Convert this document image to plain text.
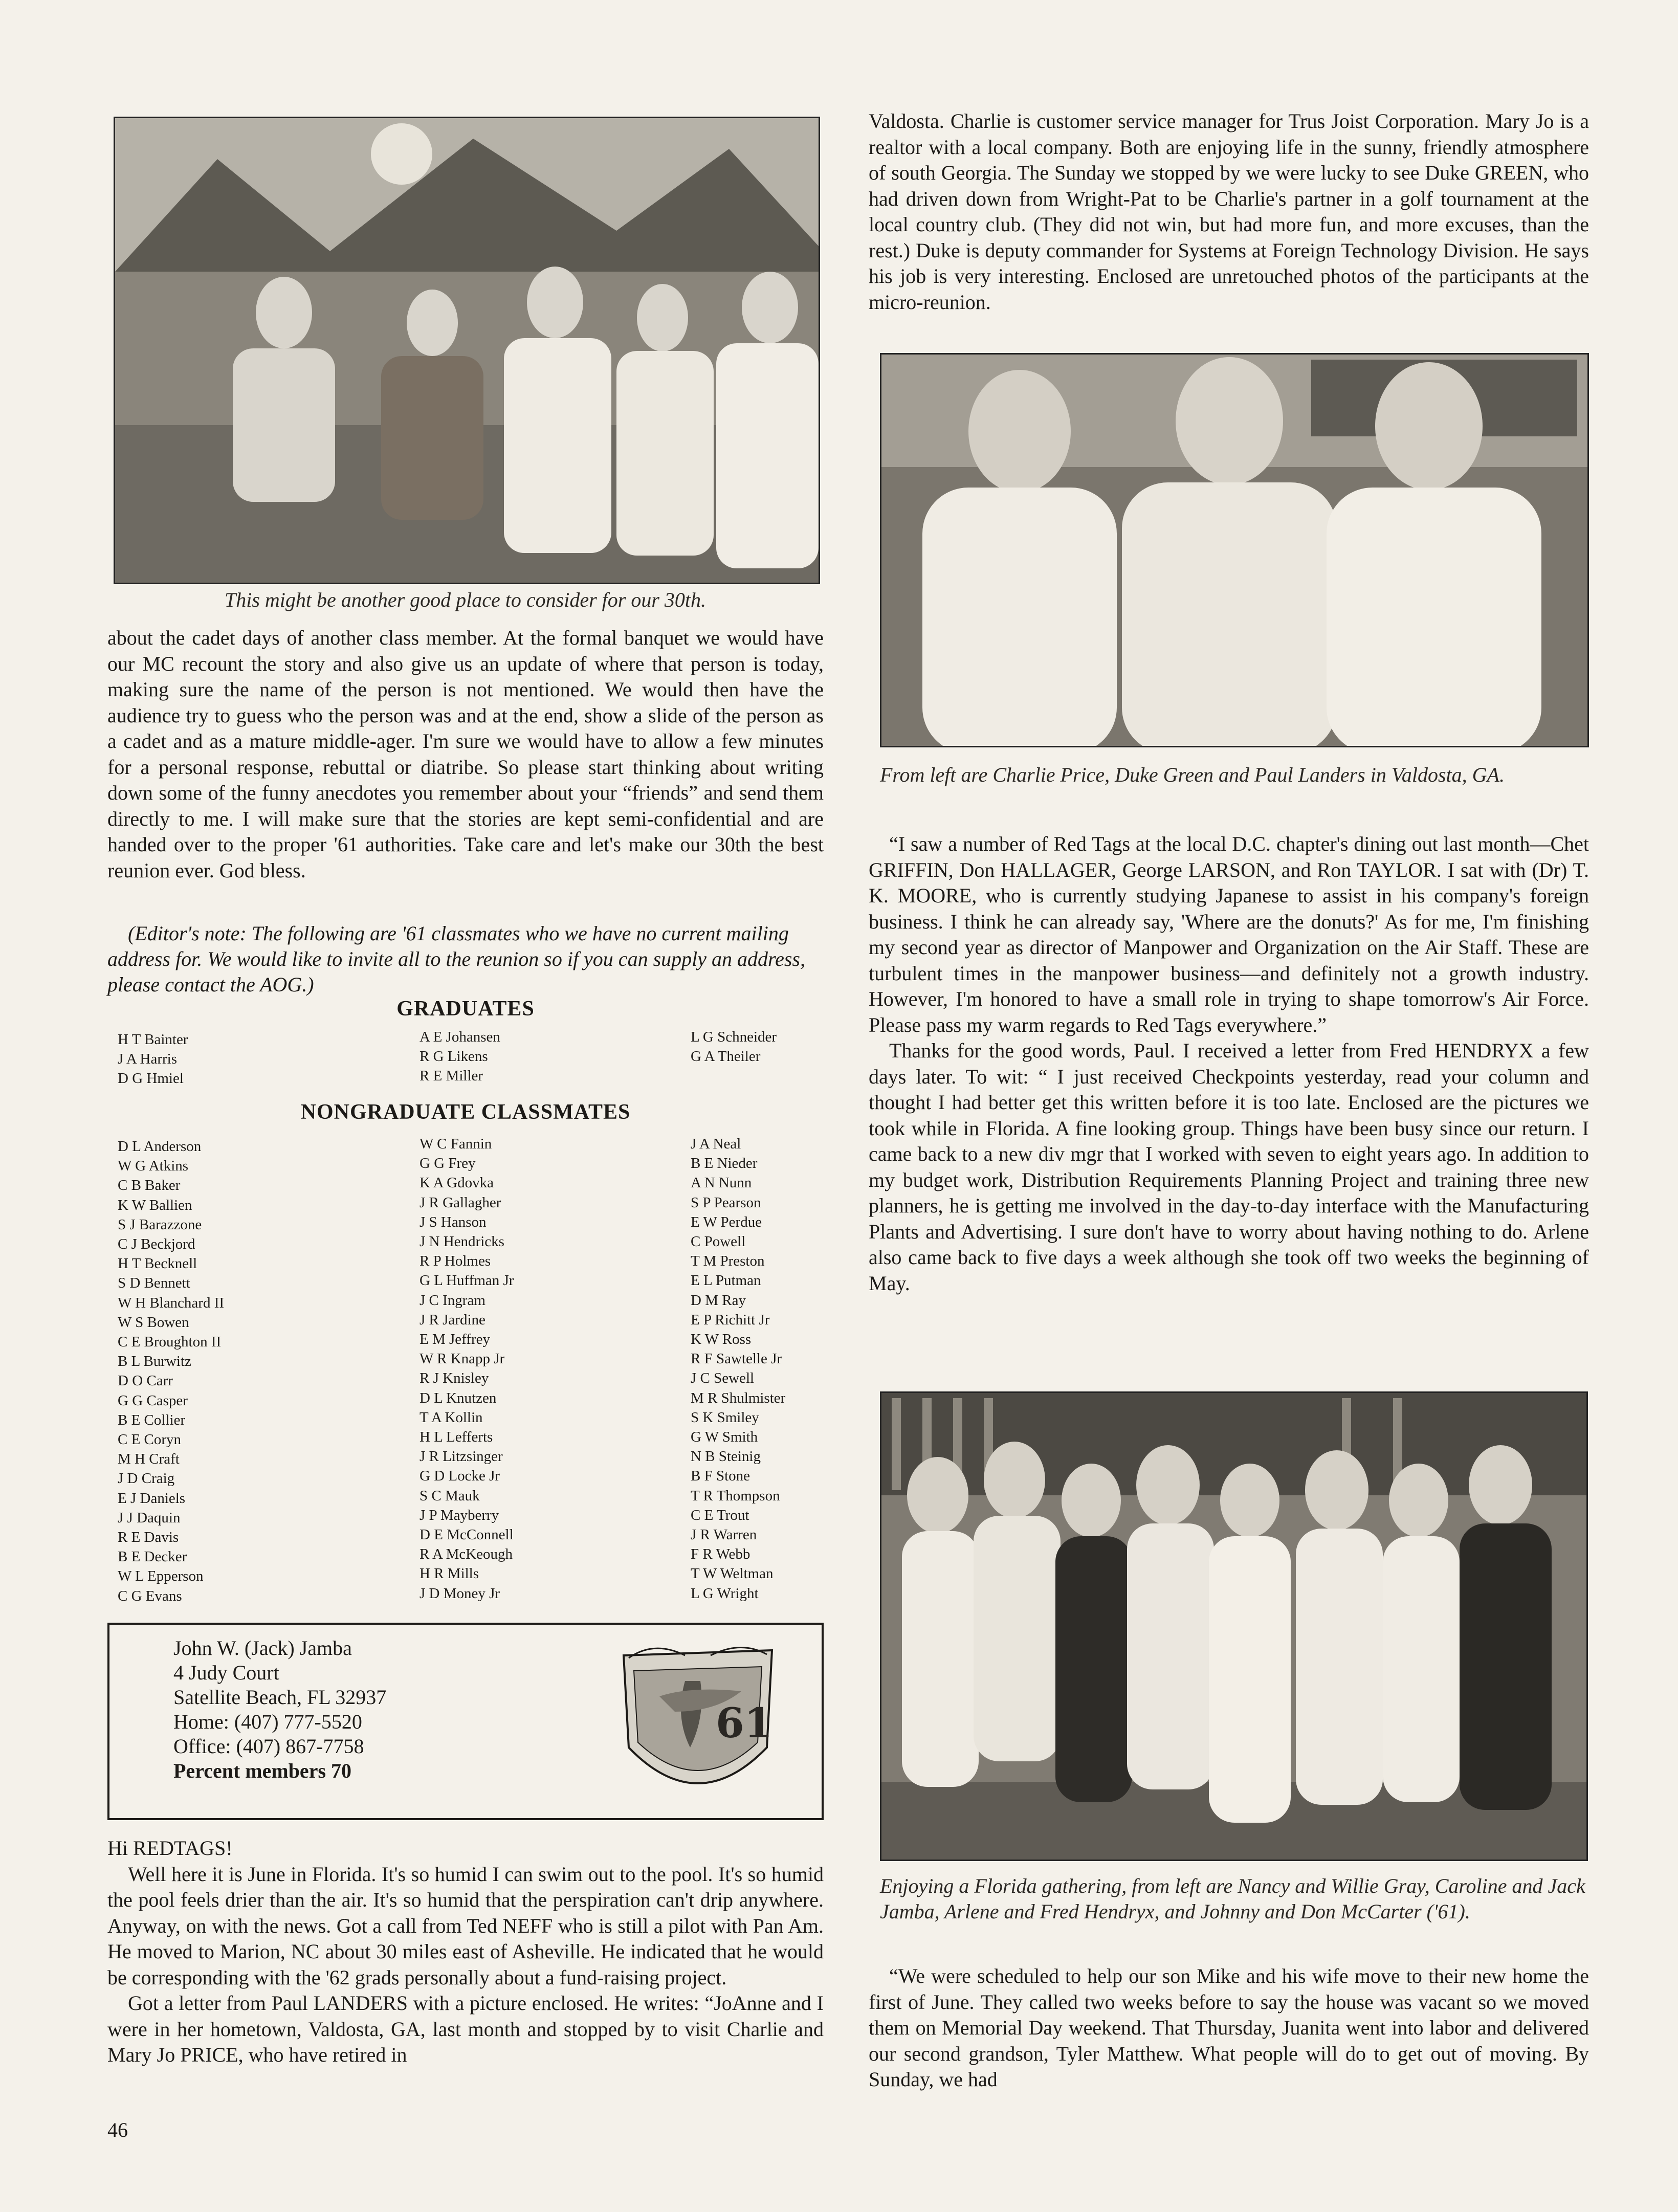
This might be another good place to consider for our 30th.

about the cadet days of another class member. At the formal banquet we would have our MC recount the story and also give us an update of where that person is today, making sure the name of the person is not mentioned. We would then have the audience try to guess who the person was and at the end, show a slide of the person as a cadet and as a mature middle-ager. I'm sure we would have to allow a few minutes for a personal response, rebuttal or diatribe. So please start thinking about writing down some of the funny anecdotes you remember about your “friends” and send them directly to me. I will make sure that the stories are kept semi-confidential and are handed over to the proper '61 authorities. Take care and let's make our 30th the best reunion ever. God bless.

(Editor's note: The following are '61 classmates who we have no current mailing address for. We would like to invite all to the reunion so if you can supply an address, please contact the AOG.)

GRADUATES
H T Bainter
J A Harris
D G Hmiel
A E Johansen
R G Likens
R E Miller
L G Schneider
G A Theiler
NONGRADUATE CLASSMATES
D L Anderson
W G Atkins
C B Baker
K W Ballien
S J Barazzone
C J Beckjord
H T Becknell
S D Bennett
W H Blanchard II
W S Bowen
C E Broughton II
B L Burwitz
D O Carr
G G Casper
B E Collier
C E Coryn
M H Craft
J D Craig
E J Daniels
J J Daquin
R E Davis
B E Decker
W L Epperson
C G Evans
W C Fannin
G G Frey
K A Gdovka
J R Gallagher
J S Hanson
J N Hendricks
R P Holmes
G L Huffman Jr
J C Ingram
J R Jardine
E M Jeffrey
W R Knapp Jr
R J Knisley
D L Knutzen
T A Kollin
H L Lefferts
J R Litzsinger
G D Locke Jr
S C Mauk
J P Mayberry
D E McConnell
R A McKeough
H R Mills
J D Money Jr
J A Neal
B E Nieder
A N Nunn
S P Pearson
E W Perdue
C Powell
T M Preston
E L Putman
D M Ray
E P Richitt Jr
K W Ross
R F Sawtelle Jr
J C Sewell
M R Shulmister
S K Smiley
G W Smith
N B Steinig
B F Stone
T R Thompson
C E Trout
J R Warren
F R Webb
T W Weltman
L G Wright
John W. (Jack) Jamba
4 Judy Court
Satellite Beach, FL 32937
Home: (407) 777-5520
Office: (407) 867-7758
Percent members 70
61

Hi REDTAGS!

Well here it is June in Florida. It's so humid I can swim out to the pool. It's so humid the pool feels drier than the air. It's so humid that the perspiration can't drip anywhere. Anyway, on with the news. Got a call from Ted NEFF who is still a pilot with Pan Am. He moved to Marion, NC about 30 miles east of Asheville. He indicated that he would be corresponding with the '62 grads personally about a fund-raising project.

Got a letter from Paul LANDERS with a picture enclosed. He writes: “JoAnne and I were in her hometown, Valdosta, GA, last month and stopped by to visit Charlie and Mary Jo PRICE, who have retired in

46

Valdosta. Charlie is customer service manager for Trus Joist Corporation. Mary Jo is a realtor with a local company. Both are enjoying life in the sunny, friendly atmosphere of south Georgia. The Sunday we stopped by we were lucky to see Duke GREEN, who had driven down from Wright-Pat to be Charlie's partner in a golf tournament at the local country club. (They did not win, but had more fun, and more excuses, than the rest.) Duke is deputy commander for Systems at Foreign Technology Division. He says his job is very interesting. Enclosed are unretouched photos of the participants at the micro-reunion.

From left are Charlie Price, Duke Green and Paul Landers in Valdosta, GA.

“I saw a number of Red Tags at the local D.C. chapter's dining out last month—Chet GRIFFIN, Don HALLAGER, George LARSON, and Ron TAYLOR. I sat with (Dr) T. K. MOORE, who is currently studying Japanese to assist in his company's foreign business. I think he can already say, 'Where are the donuts?' As for me, I'm finishing my second year as director of Manpower and Organization on the Air Staff. These are turbulent times in the manpower business—and definitely not a growth industry. However, I'm honored to have a small role in trying to shape tomorrow's Air Force. Please pass my warm regards to Red Tags everywhere.”

Thanks for the good words, Paul. I received a letter from Fred HENDRYX a few days later. To wit: “ I just received Checkpoints yesterday, read your column and thought I had better get this written before it is too late. Enclosed are the pictures we took while in Florida. A fine looking group. Things have been busy since our return. I came back to a new div mgr that I worked with seven to eight years ago. In addition to my budget work, Distribution Requirements Planning Project and training three new planners, he is getting me involved in the day-to-day interface with the Manufacturing Plants and Advertising. I sure don't have to worry about having nothing to do. Arlene also came back to five days a week although she took off two weeks the beginning of May.

Enjoying a Florida gathering, from left are Nancy and Willie Gray, Caroline and Jack Jamba, Arlene and Fred Hendryx, and Johnny and Don McCarter ('61).

“We were scheduled to help our son Mike and his wife move to their new home the first of June. They called two weeks before to say the house was vacant so we moved them on Memorial Day weekend. That Thursday, Juanita went into labor and delivered our second grandson, Tyler Matthew. What people will do to get out of moving. By Sunday, we had
